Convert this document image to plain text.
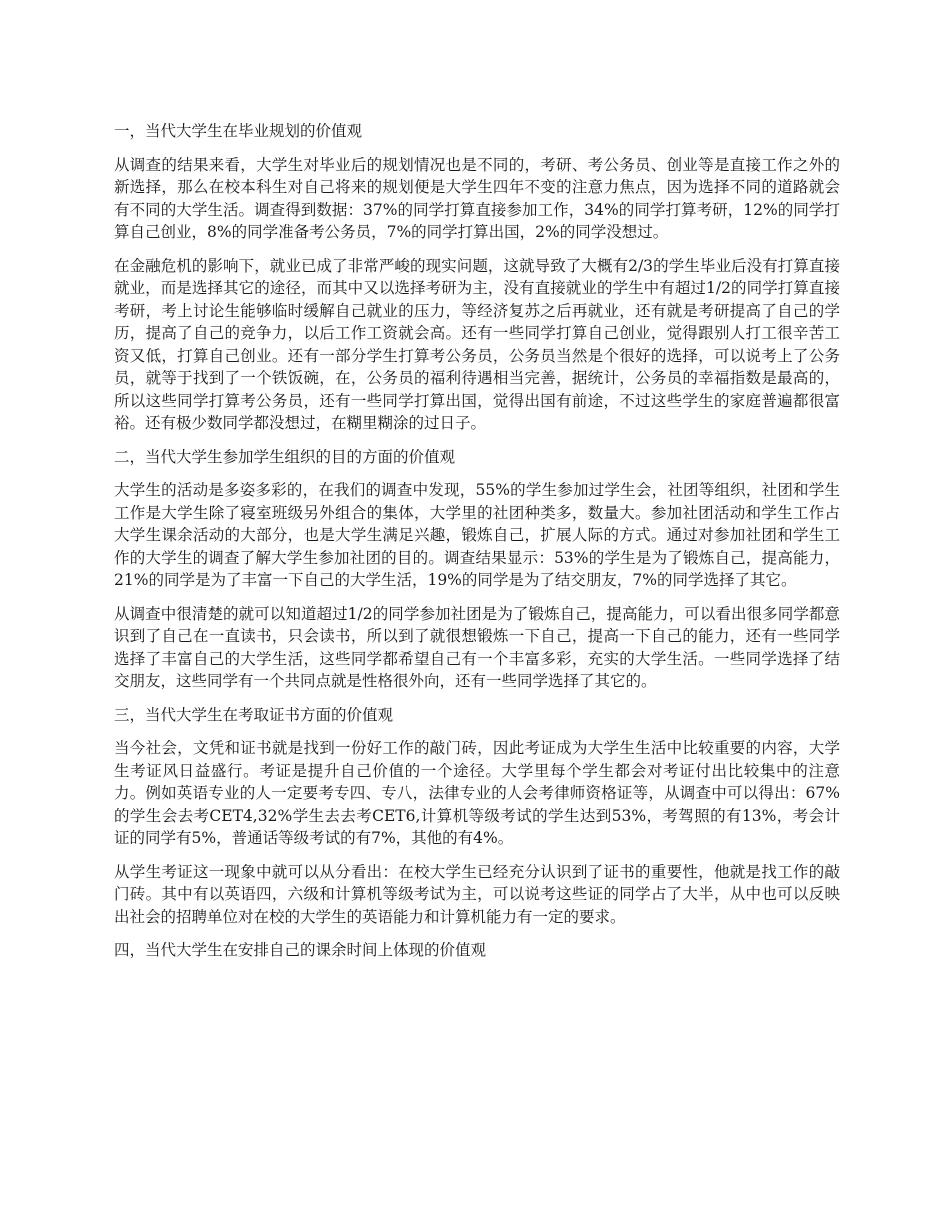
一，当代大学生在毕业规划的价值观

从调查的结果来看，大学生对毕业后的规划情况也是不同的，考研、考公务员、创业等是直接工作之外的新选择，那么在校本科生对自己将来的规划便是大学生四年不变的注意力焦点，因为选择不同的道路就会有不同的大学生活。调查得到数据：37%的同学打算直接参加工作，34%的同学打算考研，12%的同学打算自己创业，8%的同学准备考公务员，7%的同学打算出国，2%的同学没想过。

在金融危机的影响下，就业已成了非常严峻的现实问题，这就导致了大概有2/3的学生毕业后没有打算直接就业，而是选择其它的途径，而其中又以选择考研为主，没有直接就业的学生中有超过1/2的同学打算直接考研，考上讨论生能够临时缓解自己就业的压力，等经济复苏之后再就业，还有就是考研提高了自己的学历，提高了自己的竞争力，以后工作工资就会高。还有一些同学打算自己创业，觉得跟别人打工很辛苦工资又低，打算自己创业。还有一部分学生打算考公务员，公务员当然是个很好的选择，可以说考上了公务员，就等于找到了一个铁饭碗，在，公务员的福利待遇相当完善，据统计，公务员的幸福指数是最高的，所以这些同学打算考公务员，还有一些同学打算出国，觉得出国有前途，不过这些学生的家庭普遍都很富裕。还有极少数同学都没想过，在糊里糊涂的过日子。

二，当代大学生参加学生组织的目的方面的价值观

大学生的活动是多姿多彩的，在我们的调查中发现，55%的学生参加过学生会，社团等组织，社团和学生工作是大学生除了寝室班级另外组合的集体，大学里的社团种类多，数量大。参加社团活动和学生工作占大学生课余活动的大部分，也是大学生满足兴趣，锻炼自己，扩展人际的方式。通过对参加社团和学生工作的大学生的调查了解大学生参加社团的目的。调查结果显示：53%的学生是为了锻炼自己，提高能力，21%的同学是为了丰富一下自己的大学生活，19%的同学是为了结交朋友，7%的同学选择了其它。

从调查中很清楚的就可以知道超过1/2的同学参加社团是为了锻炼自己，提高能力，可以看出很多同学都意识到了自己在一直读书，只会读书，所以到了就很想锻炼一下自己，提高一下自己的能力，还有一些同学选择了丰富自己的大学生活，这些同学都希望自己有一个丰富多彩，充实的大学生活。一些同学选择了结交朋友，这些同学有一个共同点就是性格很外向，还有一些同学选择了其它的。

三，当代大学生在考取证书方面的价值观

当今社会，文凭和证书就是找到一份好工作的敲门砖，因此考证成为大学生生活中比较重要的内容，大学生考证风日益盛行。考证是提升自己价值的一个途径。大学里每个学生都会对考证付出比较集中的注意力。例如英语专业的人一定要考专四、专八，法律专业的人会考律师资格证等，从调查中可以得出：67%的学生会去考CET4,32%学生去去考CET6,计算机等级考试的学生达到53%，考驾照的有13%，考会计证的同学有5%，普通话等级考试的有7%，其他的有4%。

从学生考证这一现象中就可以从分看出：在校大学生已经充分认识到了证书的重要性，他就是找工作的敲门砖。其中有以英语四，六级和计算机等级考试为主，可以说考这些证的同学占了大半，从中也可以反映出社会的招聘单位对在校的大学生的英语能力和计算机能力有一定的要求。

四，当代大学生在安排自己的课余时间上体现的价值观
